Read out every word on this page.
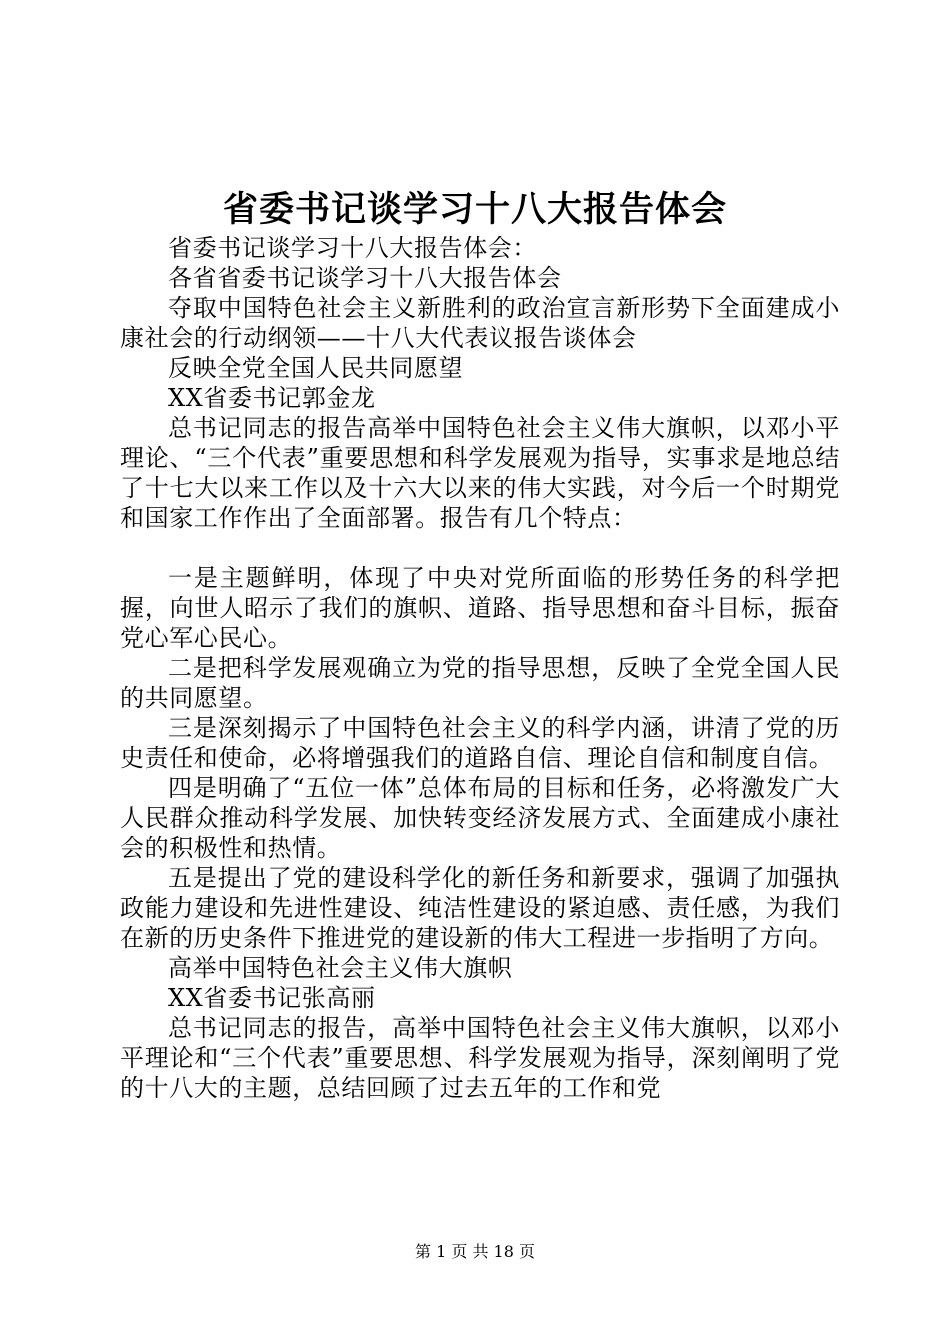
省委书记谈学习十八大报告体会

省委书记谈学习十八大报告体会：

各省省委书记谈学习十八大报告体会

夺取中国特色社会主义新胜利的政治宣言新形势下全面建成小康社会的行动纲领——十八大代表议报告谈体会

反映全党全国人民共同愿望

XX省委书记郭金龙

总书记同志的报告高举中国特色社会主义伟大旗帜，以邓小平理论、“三个代表”重要思想和科学发展观为指导，实事求是地总结了十七大以来工作以及十六大以来的伟大实践，对今后一个时期党和国家工作作出了全面部署。报告有几个特点：

一是主题鲜明，体现了中央对党所面临的形势任务的科学把握，向世人昭示了我们的旗帜、道路、指导思想和奋斗目标，振奋党心军心民心。

二是把科学发展观确立为党的指导思想，反映了全党全国人民的共同愿望。

三是深刻揭示了中国特色社会主义的科学内涵，讲清了党的历史责任和使命，必将增强我们的道路自信、理论自信和制度自信。

四是明确了“五位一体”总体布局的目标和任务，必将激发广大人民群众推动科学发展、加快转变经济发展方式、全面建成小康社会的积极性和热情。

五是提出了党的建设科学化的新任务和新要求，强调了加强执政能力建设和先进性建设、纯洁性建设的紧迫感、责任感，为我们在新的历史条件下推进党的建设新的伟大工程进一步指明了方向。

高举中国特色社会主义伟大旗帜

XX省委书记张高丽

总书记同志的报告，高举中国特色社会主义伟大旗帜，以邓小平理论和“三个代表”重要思想、科学发展观为指导，深刻阐明了党的十八大的主题，总结回顾了过去五年的工作和党

第 1 页 共 18 页
